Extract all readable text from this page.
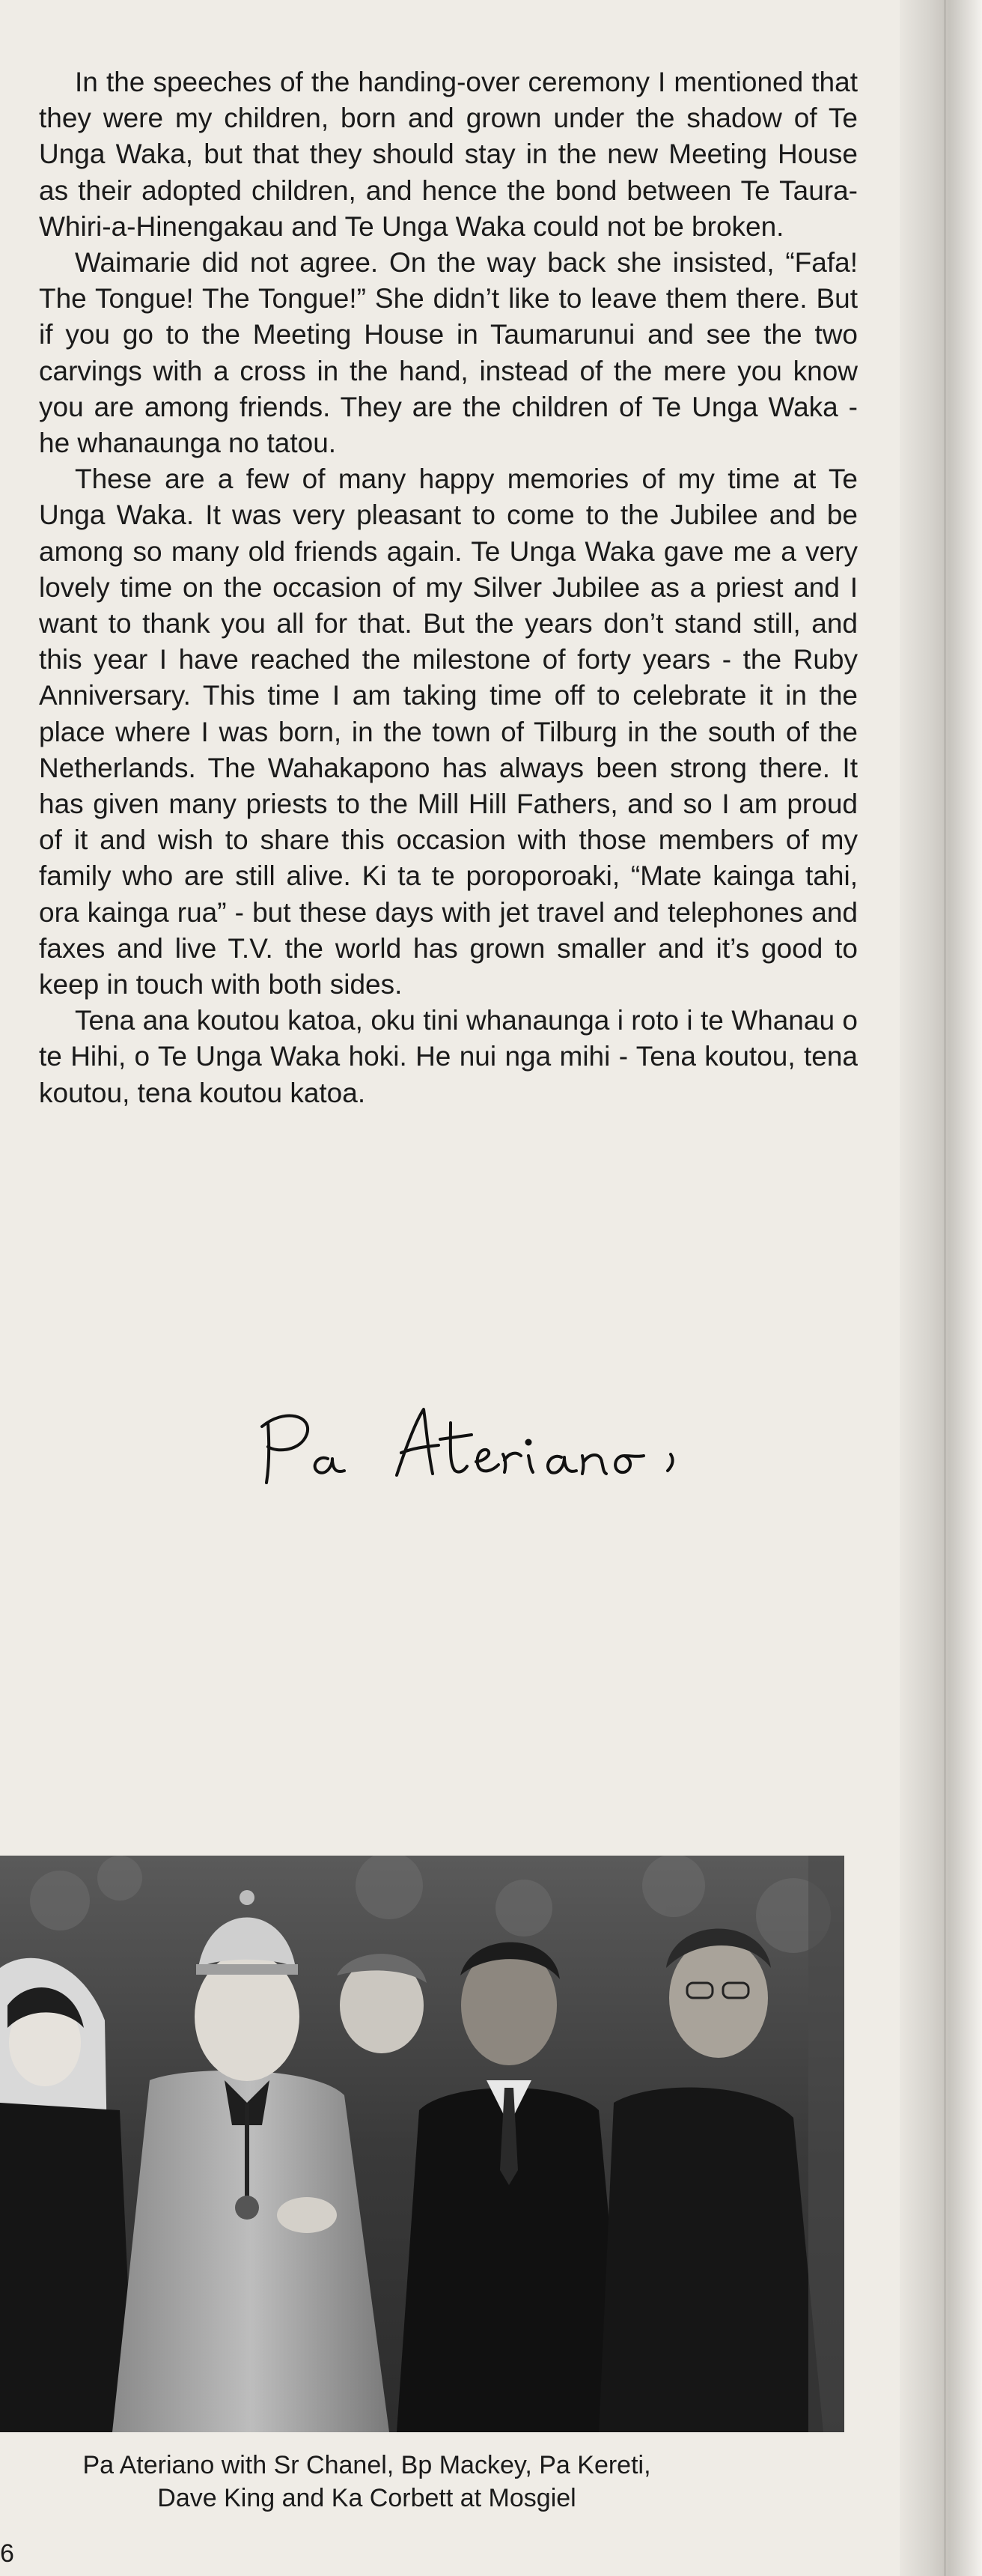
In the speeches of the handing-over ceremony I mentioned that they were my children, born and grown under the shadow of Te Unga Waka, but that they should stay in the new Meeting House as their adopted children, and hence the bond between Te Taura-Whiri-a-Hinengakau and Te Unga Waka could not be broken.

Waimarie did not agree. On the way back she insisted, “Fafa! The Tongue! The Tongue!” She didn’t like to leave them there. But if you go to the Meeting House in Taumarunui and see the two carvings with a cross in the hand, instead of the mere you know you are among friends. They are the children of Te Unga Waka - he whanaunga no tatou.

These are a few of many happy memories of my time at Te Unga Waka. It was very pleasant to come to the Jubilee and be among so many old friends again. Te Unga Waka gave me a very lovely time on the occasion of my Silver Jubilee as a priest and I want to thank you all for that. But the years don’t stand still, and this year I have reached the milestone of forty years - the Ruby Anniversary. This time I am taking time off to celebrate it in the place where I was born, in the town of Tilburg in the south of the Netherlands. The Wahakapono has always been strong there. It has given many priests to the Mill Hill Fathers, and so I am proud of it and wish to share this occasion with those members of my family who are still alive. Ki ta te poroporoaki, “Mate kainga tahi, ora kainga rua” - but these days with jet travel and telephones and faxes and live T.V. the world has grown smaller and it’s good to keep in touch with both sides.

Tena ana koutou katoa, oku tini whanaunga i roto i te Whanau o te Hihi, o Te Unga Waka hoki. He nui nga mihi - Tena koutou, tena koutou, tena koutou katoa.

Pa Ateriano with Sr Chanel, Bp Mackey, Pa Kereti,
Dave King and Ka Corbett at Mosgiel
6
